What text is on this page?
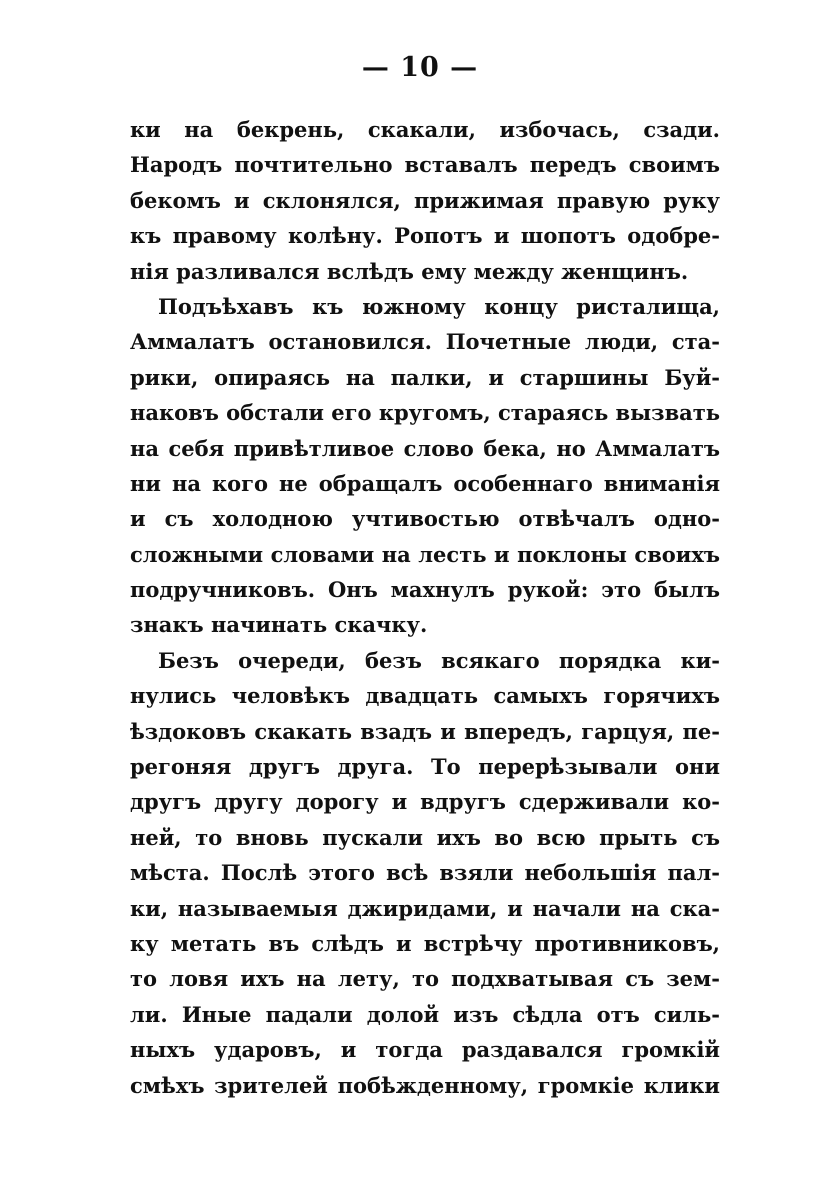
— 10 —
ки на бекрень, скакали, избочась, сзади.
Народъ почтительно вставалъ передъ своимъ
бекомъ и склонялся, прижимая правую руку
къ правому колѣну. Ропотъ и шопотъ одобре-
нія разливался вслѣдъ ему между женщинъ.
Подъѣхавъ къ южному концу ристалища,
Аммалатъ остановился. Почетные люди, ста-
рики, опираясь на палки, и старшины Буй-
наковъ обстали его кругомъ, стараясь вызвать
на себя привѣтливое слово бека, но Аммалатъ
ни на кого не обращалъ особеннаго вниманія
и съ холодною учтивостью отвѣчалъ одно-
сложными словами на лесть и поклоны своихъ
подручниковъ. Онъ махнулъ рукой: это былъ
знакъ начинать скачку.
Безъ очереди, безъ всякаго порядка ки-
нулись человѣкъ двадцать самыхъ горячихъ
ѣздоковъ скакать взадъ и впередъ, гарцуя, пе-
регоняя другъ друга. То перерѣзывали они
другъ другу дорогу и вдругъ сдерживали ко-
ней, то вновь пускали ихъ во всю прыть съ
мѣста. Послѣ этого всѣ взяли небольшія пал-
ки, называемыя джиридами, и начали на ска-
ку метать въ слѣдъ и встрѣчу противниковъ,
то ловя ихъ на лету, то подхватывая съ зем-
ли. Иные падали долой изъ сѣдла отъ силь-
ныхъ ударовъ, и тогда раздавался громкій
смѣхъ зрителей побѣжденному, громкіе клики
